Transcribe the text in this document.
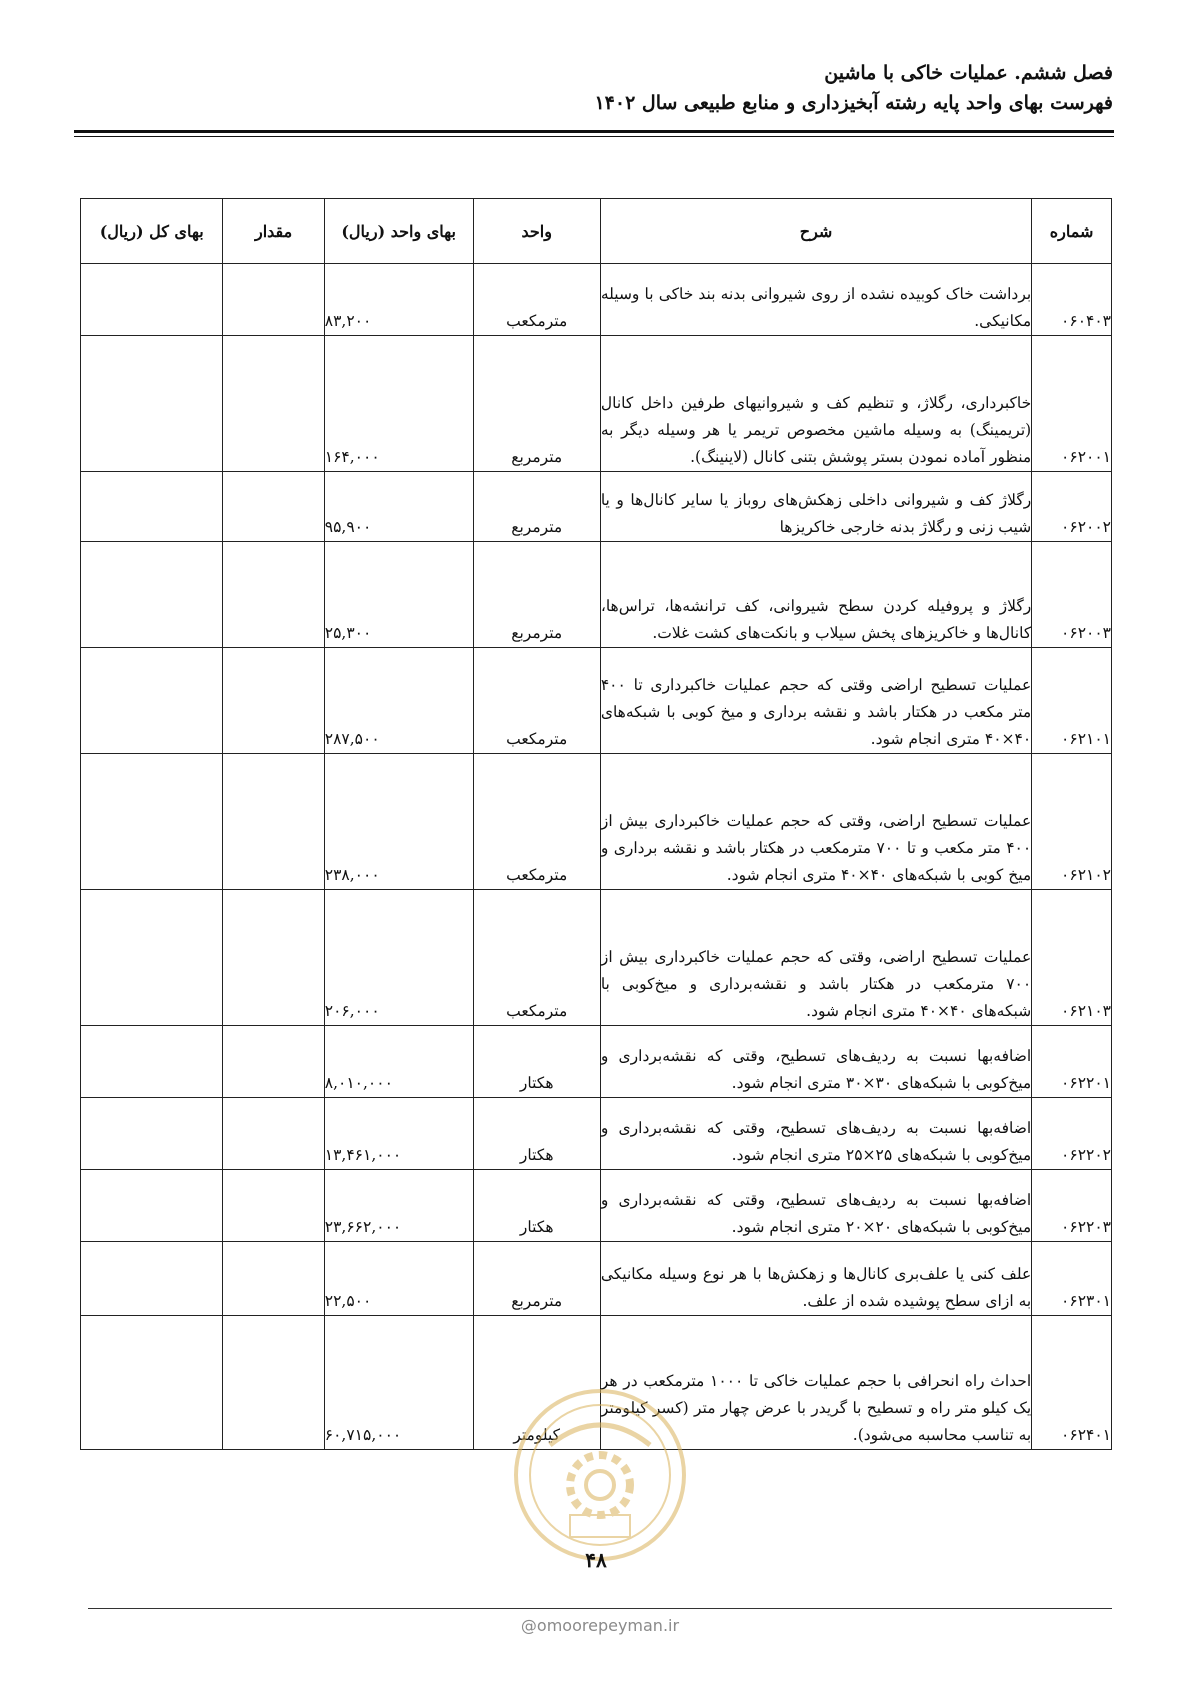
فصل ششم. عملیات خاکی با ماشین
فهرست بهای واحد پایه رشته آبخیزداری و منابع طبیعی سال ۱۴۰۲
شماره	شرح	واحد	بهای واحد (ریال)	مقدار	بهای کل (ریال)
۰۶۰۴۰۳	برداشت خاک کوبیده نشده از روی شیروانی بدنه بند خاکی با وسیله مکانیکی.	مترمکعب	۸۳,۲۰۰		
۰۶۲۰۰۱	خاکبرداری، رگلاژ، و تنظیم کف و شیروانیهای طرفین داخل کانال (تریمینگ) به وسیله ماشین مخصوص تریمر یا هر وسیله دیگر به منظور آماده نمودن بستر پوشش بتنی کانال (لاینینگ).	مترمربع	۱۶۴,۰۰۰		
۰۶۲۰۰۲	رگلاژ کف و شیروانی داخلی زهکش‌های روباز یا سایر کانال‌ها و یا شیب زنی و رگلاژ بدنه خارجی خاکریزها	مترمربع	۹۵,۹۰۰		
۰۶۲۰۰۳	رگلاژ و پروفیله کردن سطح شیروانی، کف ترانشه‌ها، تراس‌ها، کانال‌ها و خاکریزهای پخش سیلاب و بانکت‌های کشت غلات.	مترمربع	۲۵,۳۰۰		
۰۶۲۱۰۱	عملیات تسطیح اراضی وقتی که حجم عملیات خاکبرداری تا ۴۰۰ متر مکعب در هکتار باشد و نقشه برداری و میخ کوبی با شبکه‌های ۴۰×۴۰ متری انجام شود.	مترمکعب	۲۸۷,۵۰۰		
۰۶۲۱۰۲	عملیات تسطیح اراضی، وقتی که حجم عملیات خاکبرداری بیش از ۴۰۰ متر مکعب و تا ۷۰۰ مترمکعب در هکتار باشد و نقشه برداری و میخ کوبی با شبکه‌های ۴۰×۴۰ متری انجام شود.	مترمکعب	۲۳۸,۰۰۰		
۰۶۲۱۰۳	عملیات تسطیح اراضی، وقتی که حجم عملیات خاکبرداری بیش از ۷۰۰ مترمکعب در هکتار باشد و نقشه‌برداری و میخ‌کوبی با شبکه‌های ۴۰×۴۰ متری انجام شود.	مترمکعب	۲۰۶,۰۰۰		
۰۶۲۲۰۱	اضافه‌بها نسبت به ردیف‌های تسطیح، وقتی که نقشه‌برداری و میخ‌کوبی با شبکه‌های ۳۰×۳۰ متری انجام شود.	هکتار	۸,۰۱۰,۰۰۰		
۰۶۲۲۰۲	اضافه‌بها نسبت به ردیف‌های تسطیح، وقتی که نقشه‌برداری و میخ‌کوبی با شبکه‌های ۲۵×۲۵ متری انجام شود.	هکتار	۱۳,۴۶۱,۰۰۰		
۰۶۲۲۰۳	اضافه‌بها نسبت به ردیف‌های تسطیح، وقتی که نقشه‌برداری و میخ‌کوبی با شبکه‌های ۲۰×۲۰ متری انجام شود.	هکتار	۲۳,۶۶۲,۰۰۰		
۰۶۲۳۰۱	علف کنی یا علف‌بری کانال‌ها و زهکش‌ها با هر نوع وسیله مکانیکی به ازای سطح پوشیده شده از علف.	مترمربع	۲۲,۵۰۰		
۰۶۲۴۰۱	احداث راه انحرافی با حجم عملیات خاکی تا ۱۰۰۰ مترمکعب در هر یک کیلو متر راه و تسطیح با گریدر با عرض چهار متر (کسر کیلومتر به تناسب محاسبه می‌شود).	کیلومتر	۶۰,۷۱۵,۰۰۰		
۴۸
@omoorepeyman.ir
